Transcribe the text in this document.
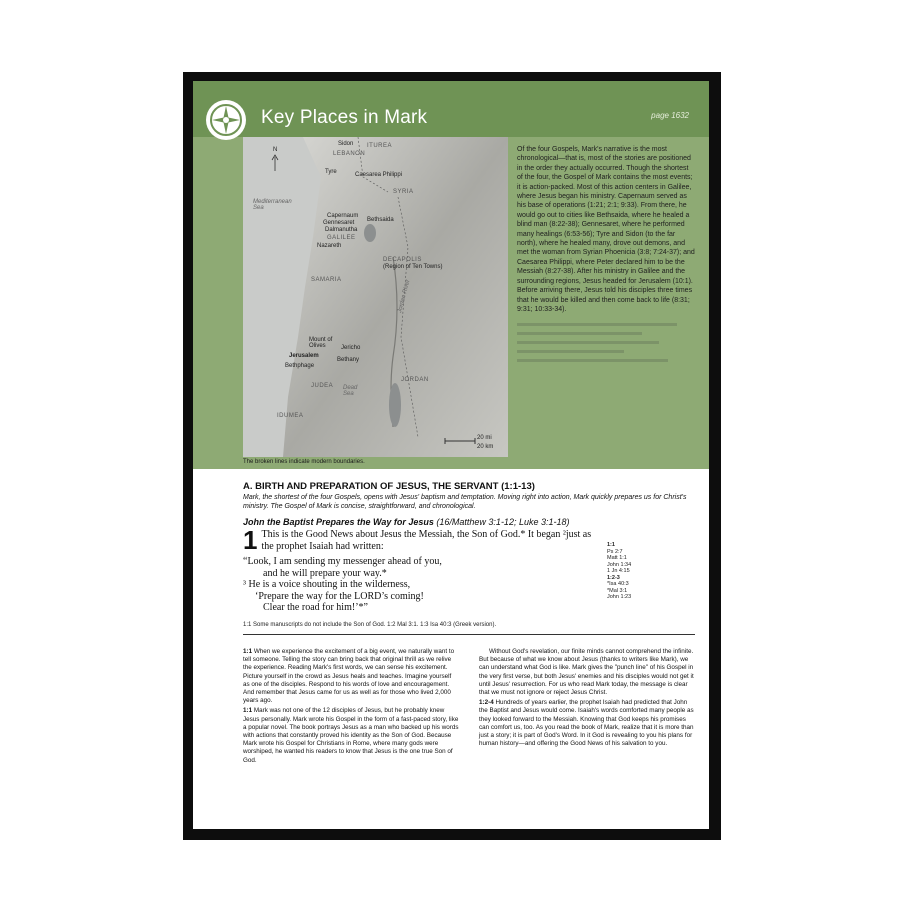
Key Places in Mark	page 1632
Sidon
LEBANON
ITUREA
Tyre	Caesarea Philippi
SYRIA
Mediterranean Sea
Capernaum
Gennesaret
Dalmanutha
GALILEE
Nazareth
Bethsaida
DECAPOLIS
(Region of Ten Towns)
SAMARIA	Jordan River
Mount of Olives	Jericho
Jerusalem
Bethany
Bethphage
JUDEA Dead Sea
JORDAN
IDUMEA
N
20 mi
20 km
The broken lines indicate modern boundaries.

Of the four Gospels, Mark's narrative is the most chronological—that is, most of the stories are positioned in the order they actually occurred. Though the shortest of the four, the Gospel of Mark contains the most events; it is action-packed. Most of this action centers in Galilee, where Jesus began his ministry. Capernaum served as his base of operations (1:21; 2:1; 9:33). From there, he would go out to cities like Bethsaida, where he healed a blind man (8:22-38); Gennesaret, where he performed many healings (6:53-56); Tyre and Sidon (to the far north), where he healed many, drove out demons, and met the woman from Syrian Phoenicia (3:8; 7:24-37); and Caesarea Philippi, where Peter declared him to be the Messiah (8:27-38). After his ministry in Galilee and the surrounding regions, Jesus headed for Jerusalem (10:1). Before arriving there, Jesus told his disciples three times that he would be killed and then come back to life (8:31; 9:31; 10:33-34).

A. BIRTH AND PREPARATION OF JESUS, THE SERVANT (1:1-13)

Mark, the shortest of the four Gospels, opens with Jesus' baptism and temptation. Moving right into action, Mark quickly prepares us for Christ's ministry. The Gospel of Mark is concise, straightforward, and chronological.

John the Baptist Prepares the Way for Jesus (16/Matthew 3:1-12; Luke 3:1-18)

1 This is the Good News about Jesus the Messiah, the Son of God.* It began ²just as
the prophet Isaiah had written:
“Look, I am sending my messenger ahead of you,
and he will prepare your way.*
³ He is a voice shouting in the wilderness,
‘Prepare the way for the LORD’s coming!
Clear the road for him!’*”
1:1
Ps 2:7
Matt 1:1
John 1:34
1 Jn 4:15
1:2-3
*Isa 40:3
*Mal 3:1
John 1:23
1:1 Some manuscripts do not include the Son of God. 1:2 Mal 3:1. 1:3 Isa 40:3 (Greek version).

1:1 When we experience the excitement of a big event, we naturally want to tell someone. Telling the story can bring back that original thrill as we relive the experience. Reading Mark's first words, we can sense his excitement. Picture yourself in the crowd as Jesus heals and teaches. Imagine yourself as one of the disciples. Respond to his words of love and encouragement. And remember that Jesus came for us as well as for those who lived 2,000 years ago.

1:1 Mark was not one of the 12 disciples of Jesus, but he probably knew Jesus personally. Mark wrote his Gospel in the form of a fast-paced story, like a popular novel. The book portrays Jesus as a man who backed up his words with actions that constantly proved his identity as the Son of God. Because Mark wrote his Gospel for Christians in Rome, where many gods were worshiped, he wanted his readers to know that Jesus is the one true Son of God.

Without God's revelation, our finite minds cannot comprehend the infinite. But because of what we know about Jesus (thanks to writers like Mark), we can understand what God is like. Mark gives the "punch line" of his Gospel in the very first verse, but both Jesus' enemies and his disciples would not get it until Jesus' resurrection. For us who read Mark today, the message is clear that we must not ignore or reject Jesus Christ.

1:2-4 Hundreds of years earlier, the prophet Isaiah had predicted that John the Baptist and Jesus would come. Isaiah's words comforted many people as they looked forward to the Messiah. Knowing that God keeps his promises can comfort us, too. As you read the book of Mark, realize that it is more than just a story; it is part of God's Word. In it God is revealing to you his plans for human history—and offering the Good News of his salvation to you.
